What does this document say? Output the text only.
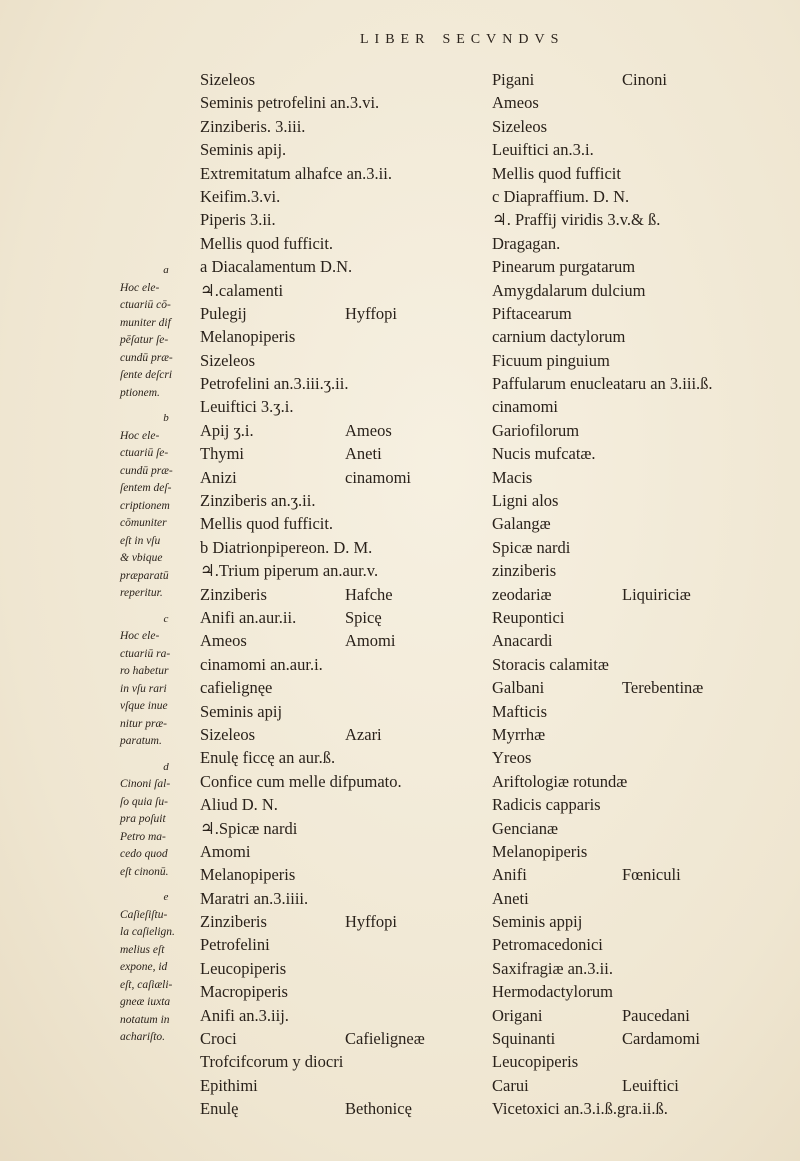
LIBER SECVNDVS
a
Hoc ele-
ctuariū cō-
muniter dif
pēſatur ſe-
cundū præ-
ſente deſcri
ptionem.
b
Hoc ele-
ctuariū ſe-
cundū præ-
ſentem deſ-
criptionem
cōmuniter
eſt in vſu
& vbique
præparatū
reperitur.
c
Hoc ele-
ctuariū ra-
ro habetur
in vſu rari
vſque inue
nitur præ-
paratum.
d
Cinoni ſal-
ſo quia ſu-
pra poſuit
Petro ma-
cedo quod
eſt cinonū.
e
Caſieſiſtu-
la caſielign.
melius eſt
expone, id
eſt, caſiæli-
gneæ iuxta
notatum in
achariſto.
Sizeleos
Seminis petrofelini an.3.vi.
Zinziberis. 3.iii.
Seminis apij.
Extremitatum alhafce an.3.ii.
Keifim.3.vi.
Piperis 3.ii.
Mellis quod fufficit.
a Diacalamentum D.N.
♃.calamenti
Pulegij	Hyffopi
Melanopiperis
Sizeleos
Petrofelini an.3.iii.ʒ.ii.
Leuiftici 3.ʒ.i.
Apij ʒ.i.	Ameos
Thymi	Aneti
Anizi	cinamomi
Zinziberis an.ʒ.ii.
Mellis quod fufficit.
b Diatrionpipereon. D. M.
♃.Trium piperum an.aur.v.
Zinziberis	Hafche
Anifi an.aur.ii.	Spicę
Ameos	Amomi
cinamomi an.aur.i.
cafielignęe
Seminis apij
Sizeleos	Azari
Enulę ficcę an aur.ß.
Confice cum melle difpumato.
Aliud D. N.
♃.Spicæ nardi
Amomi
Melanopiperis
Maratri an.3.iiii.
Zinziberis	Hyffopi
Petrofelini
Leucopiperis
Macropiperis
Anifi an.3.iij.
Croci	Cafieligneæ
Trofcifcorum y diocri
Epithimi
Enulę	Bethonicę
Pigani	Cinoni
Ameos
Sizeleos
Leuiftici an.3.i.
Mellis quod fufficit
c Diapraffium. D. N.
♃. Praffij viridis 3.v.& ß.
Dragagan.
Pinearum purgatarum
Amygdalarum dulcium
Piftacearum
carnium dactylorum
Ficuum pinguium
Paffularum enucleataru an 3.iii.ß.
cinamomi
Gariofilorum
Nucis mufcatæ.
Macis
Ligni alos
Galangæ
Spicæ nardi
zinziberis
zeodariæ	Liquiriciæ
Reupontici
Anacardi
Storacis calamitæ
Galbani	Terebentinæ
Mafticis
Myrrhæ
Yreos
Ariftologiæ rotundæ
Radicis capparis
Gencianæ
Melanopiperis
Anifi	Fœniculi
Aneti
Seminis appij
Petromacedonici
Saxifragiæ an.3.ii.
Hermodactylorum
Origani	Paucedani
Squinanti	Cardamomi
Leucopiperis
Carui	Leuiftici
Vicetoxici an.3.i.ß.gra.ii.ß.
